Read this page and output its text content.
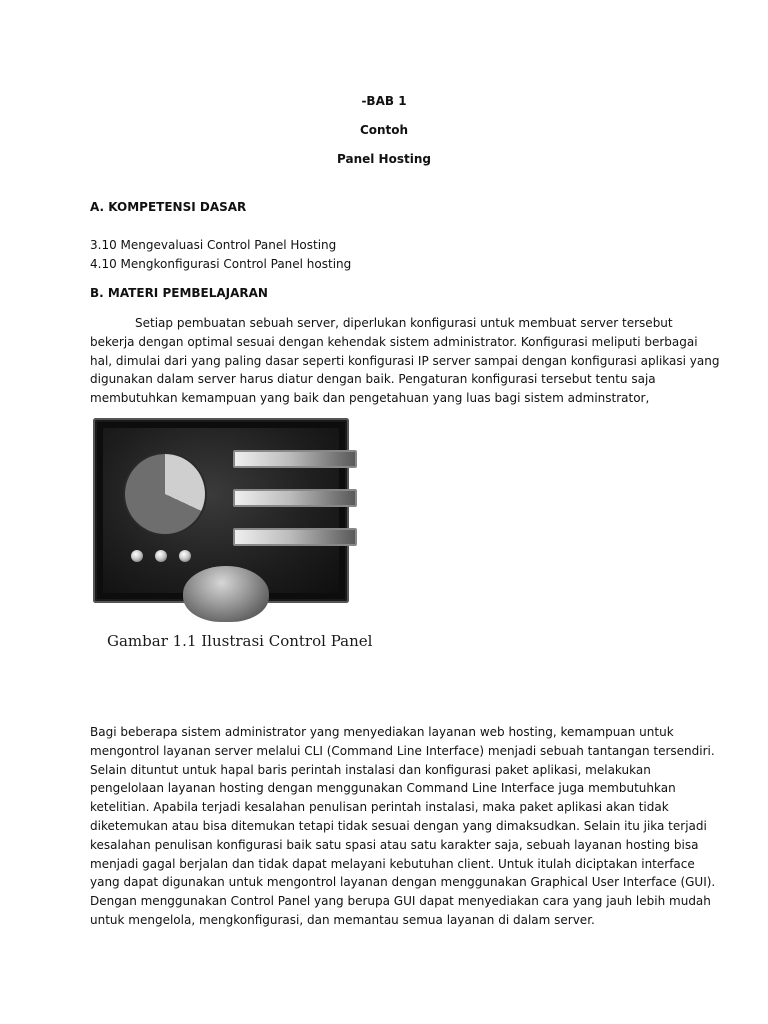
-BAB 1
Contoh
Panel Hosting
A. KOMPETENSI DASAR
3.10 Mengevaluasi Control Panel Hosting
4.10 Mengkonfigurasi Control Panel hosting
B. MATERI PEMBELAJARAN
Setiap pembuatan sebuah server, diperlukan konfigurasi untuk membuat server tersebut
bekerja dengan optimal sesuai dengan kehendak sistem administrator. Konfigurasi meliputi berbagai
hal, dimulai dari yang paling dasar seperti konfigurasi IP server sampai dengan konfigurasi aplikasi yang
digunakan dalam server harus diatur dengan baik. Pengaturan konfigurasi tersebut tentu saja
membutuhkan kemampuan yang baik dan pengetahuan yang luas bagi sistem adminstrator,
Gambar 1.1 Ilustrasi Control Panel
Bagi beberapa sistem administrator yang menyediakan layanan web hosting, kemampuan untuk
mengontrol layanan server melalui CLI (Command Line Interface) menjadi sebuah tantangan tersendiri.
Selain dituntut untuk hapal baris perintah instalasi dan konfigurasi paket aplikasi, melakukan
pengelolaan layanan hosting dengan menggunakan Command Line Interface juga membutuhkan
ketelitian. Apabila terjadi kesalahan penulisan perintah instalasi, maka paket aplikasi akan tidak
diketemukan atau bisa ditemukan tetapi tidak sesuai dengan yang dimaksudkan. Selain itu jika terjadi
kesalahan penulisan konfigurasi baik satu spasi atau satu karakter saja, sebuah layanan hosting bisa
menjadi gagal berjalan dan tidak dapat melayani kebutuhan client. Untuk itulah diciptakan interface
yang dapat digunakan untuk mengontrol layanan dengan menggunakan Graphical User Interface (GUI).
Dengan menggunakan Control Panel yang berupa GUI dapat menyediakan cara yang jauh lebih mudah
untuk mengelola, mengkonfigurasi, dan memantau semua layanan di dalam server.
